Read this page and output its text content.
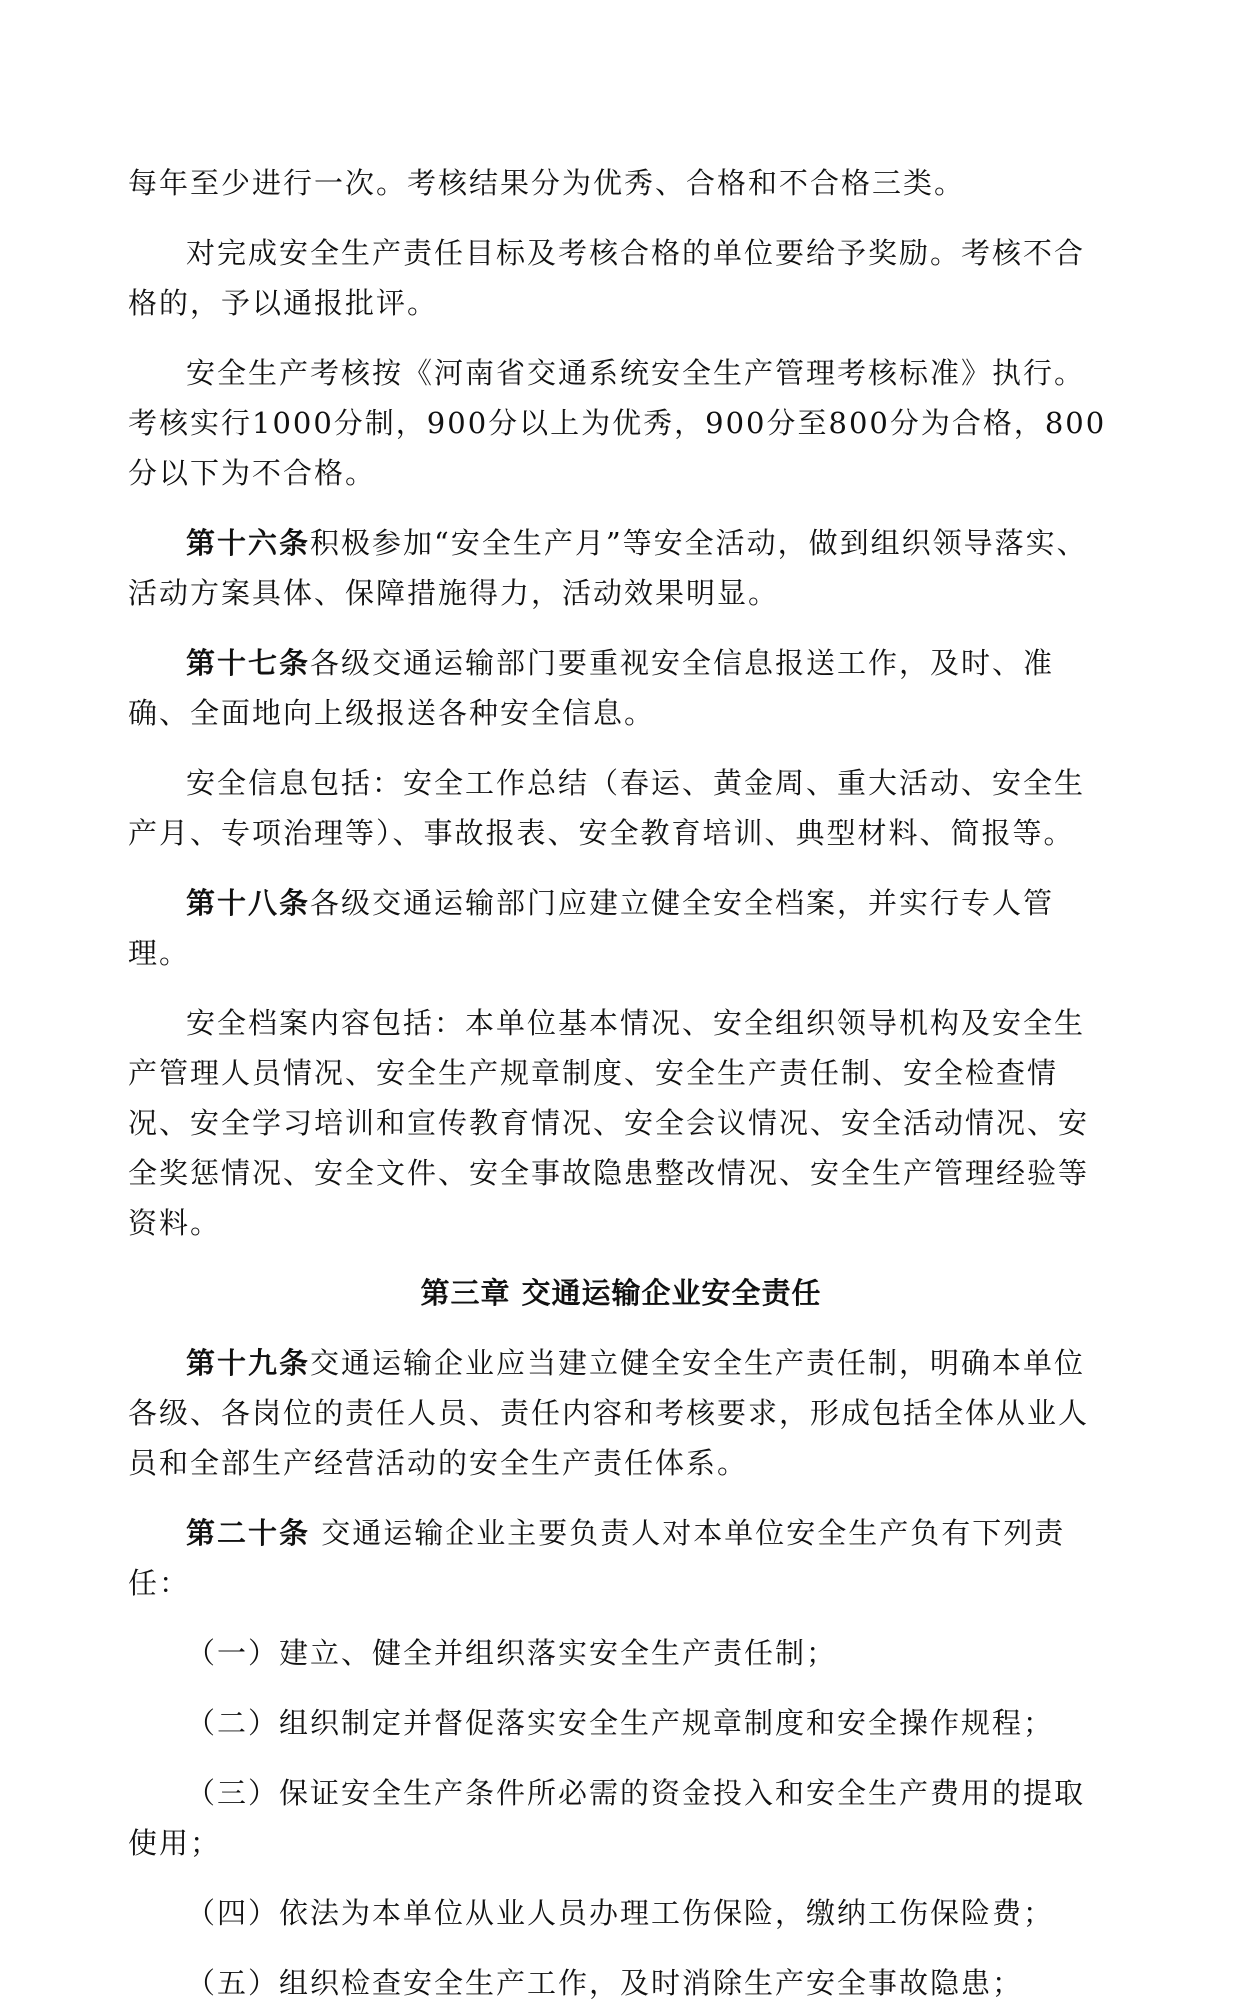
每年至少进行一次。考核结果分为优秀、合格和不合格三类。

对完成安全生产责任目标及考核合格的单位要给予奖励。考核不合格的，予以通报批评。

安全生产考核按《河南省交通系统安全生产管理考核标准》执行。考核实行1000分制，900分以上为优秀，900分至800分为合格，800分以下为不合格。

第十六条积极参加“安全生产月”等安全活动，做到组织领导落实、活动方案具体、保障措施得力，活动效果明显。

第十七条各级交通运输部门要重视安全信息报送工作，及时、准确、全面地向上级报送各种安全信息。

安全信息包括：安全工作总结（春运、黄金周、重大活动、安全生产月、专项治理等）、事故报表、安全教育培训、典型材料、简报等。

第十八条各级交通运输部门应建立健全安全档案，并实行专人管理。

安全档案内容包括：本单位基本情况、安全组织领导机构及安全生产管理人员情况、安全生产规章制度、安全生产责任制、安全检查情况、安全学习培训和宣传教育情况、安全会议情况、安全活动情况、安全奖惩情况、安全文件、安全事故隐患整改情况、安全生产管理经验等资料。

第三章 交通运输企业安全责任

第十九条交通运输企业应当建立健全安全生产责任制，明确本单位各级、各岗位的责任人员、责任内容和考核要求，形成包括全体从业人员和全部生产经营活动的安全生产责任体系。

第二十条 交通运输企业主要负责人对本单位安全生产负有下列责任：

（一）建立、健全并组织落实安全生产责任制；

（二）组织制定并督促落实安全生产规章制度和安全操作规程；

（三）保证安全生产条件所必需的资金投入和安全生产费用的提取使用；

（四）依法为本单位从业人员办理工伤保险，缴纳工伤保险费；

（五）组织检查安全生产工作，及时消除生产安全事故隐患；
